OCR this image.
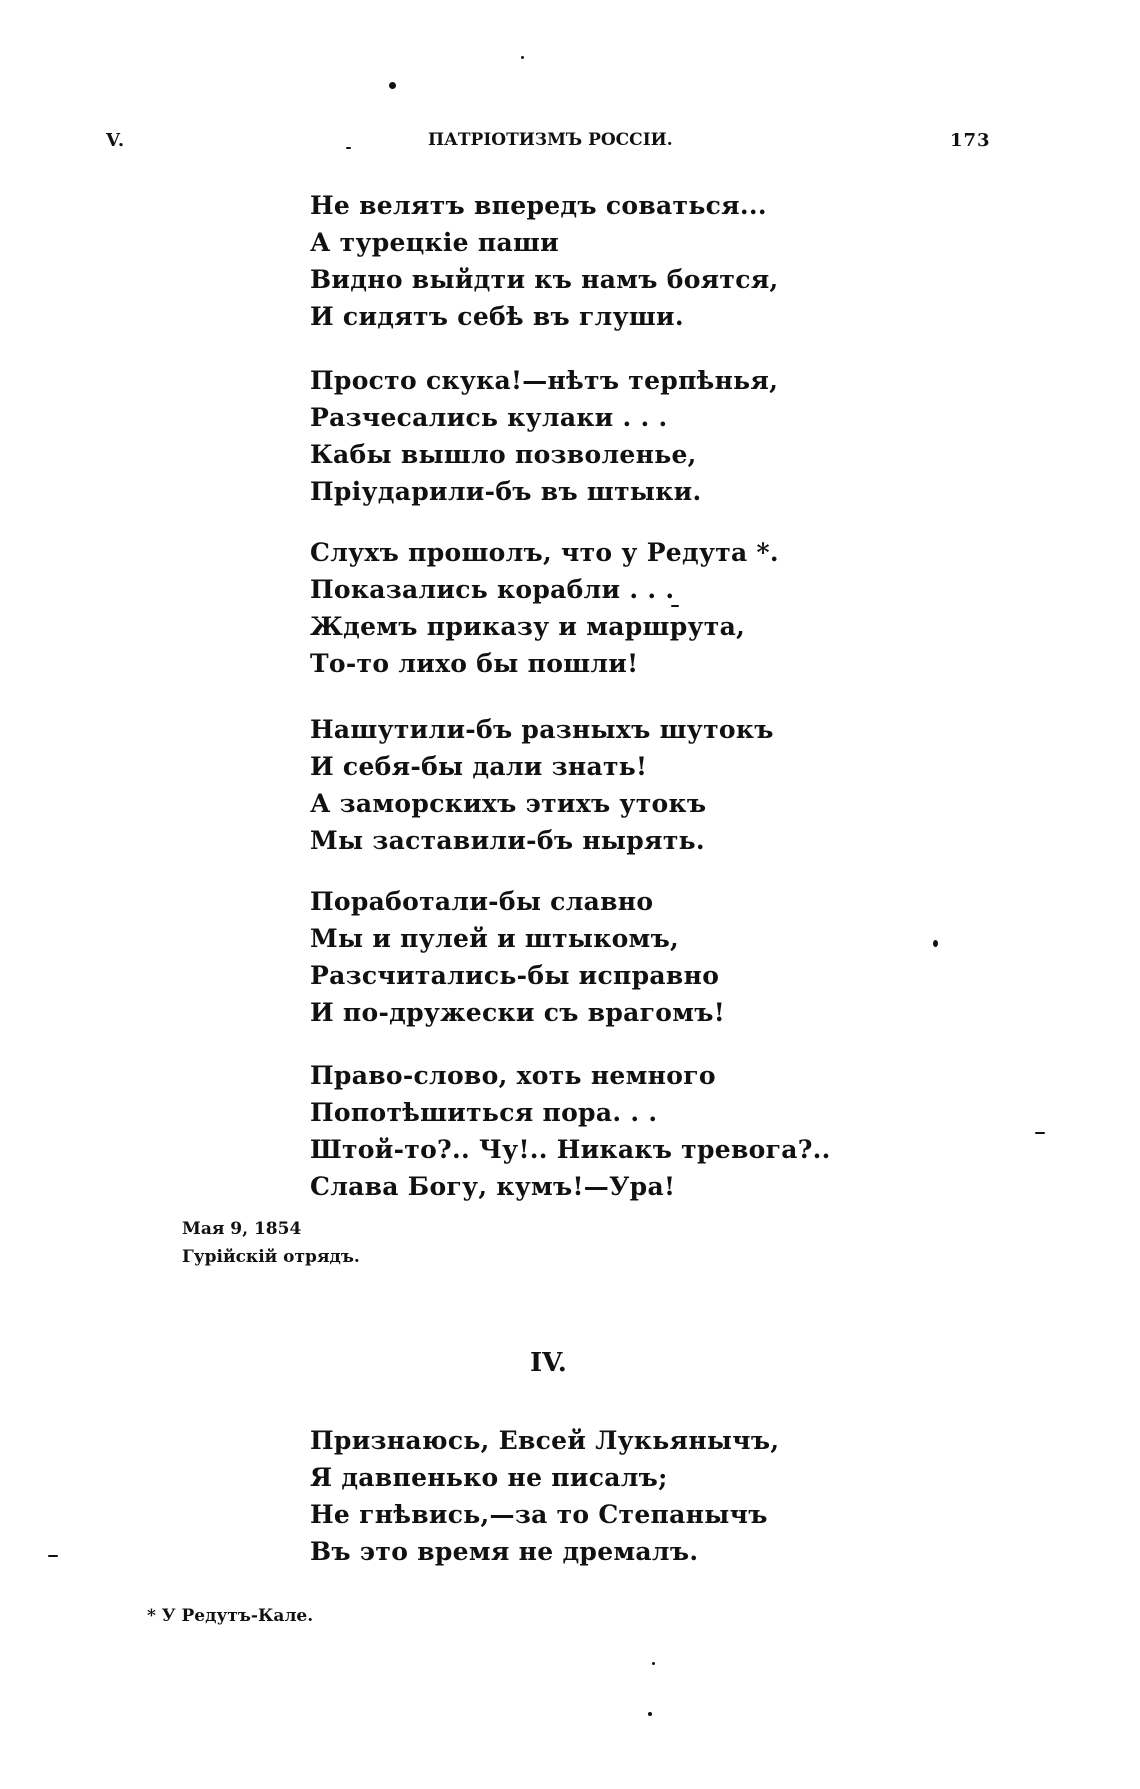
V.	ПАТРІОТИЗМЪ РОССІИ.	173
Не велятъ впередъ соваться...
А турецкіе паши
Видно выйдти къ намъ боятся,
И сидятъ себѣ въ глуши.
Просто скука!—нѣтъ терпѣнья,
Разчесались кулаки . . .
Кабы вышло позволенье,
Пріударили-бъ въ штыки.
Слухъ прошолъ, что у Редута *.
Показались корабли . . .
Ждемъ приказу и маршрута,
То-то лихо бы пошли!
Нашутили-бъ разныхъ шутокъ
И себя-бы дали знать!
А заморскихъ этихъ утокъ
Мы заставили-бъ нырять.
Поработали-бы славно
Мы и пулей и штыкомъ,
Разсчитались-бы исправно
И по-дружески съ врагомъ!
Право-слово, хоть немного
Попотѣшиться пора. . .
Штой-то?.. Чу!.. Никакъ тревога?..
Слава Богу, кумъ!—Ура!
Мая 9, 1854
Гурійскій отрядъ.
IV.
Признаюсь, Евсей Лукьянычъ,
Я давпенько не писалъ;
Не гнѣвись,—за то Степанычъ
Въ это время не дремалъ.
* У Редутъ-Кале.
